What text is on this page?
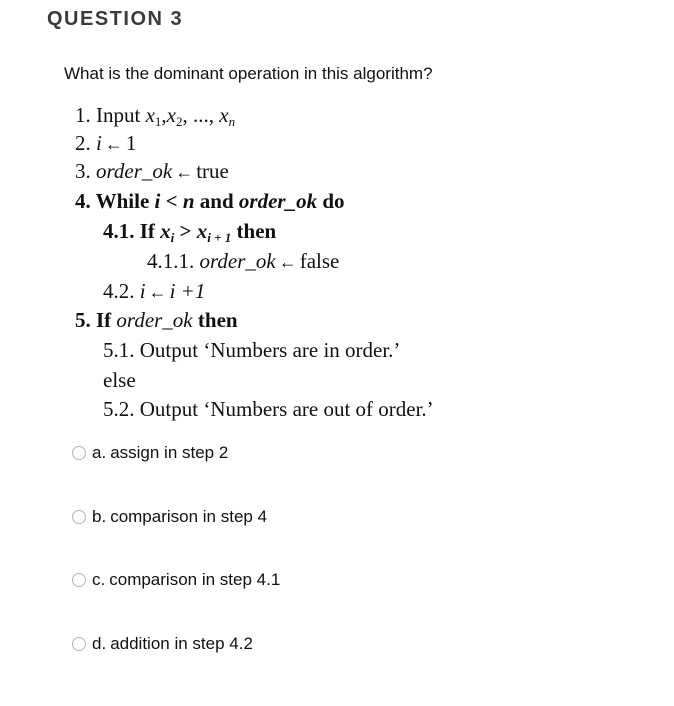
QUESTION 3
What is the dominant operation in this algorithm?
1. Input $x_1,x_2$, ..., $x_n$
2. i ← 1
3. order_ok ← true
4. While i < n and order_ok do
4.1. If $x_i > x_{i + 1}$ then
4.1.1. order_ok ← false
4.2. i ← i +1
5. If order_ok then
5.1. Output ‘Numbers are in order.’
else
5.2. Output ‘Numbers are out of order.’
a. assign in step 2
b. comparison in step 4
c. comparison in step 4.1
d. addition in step 4.2
